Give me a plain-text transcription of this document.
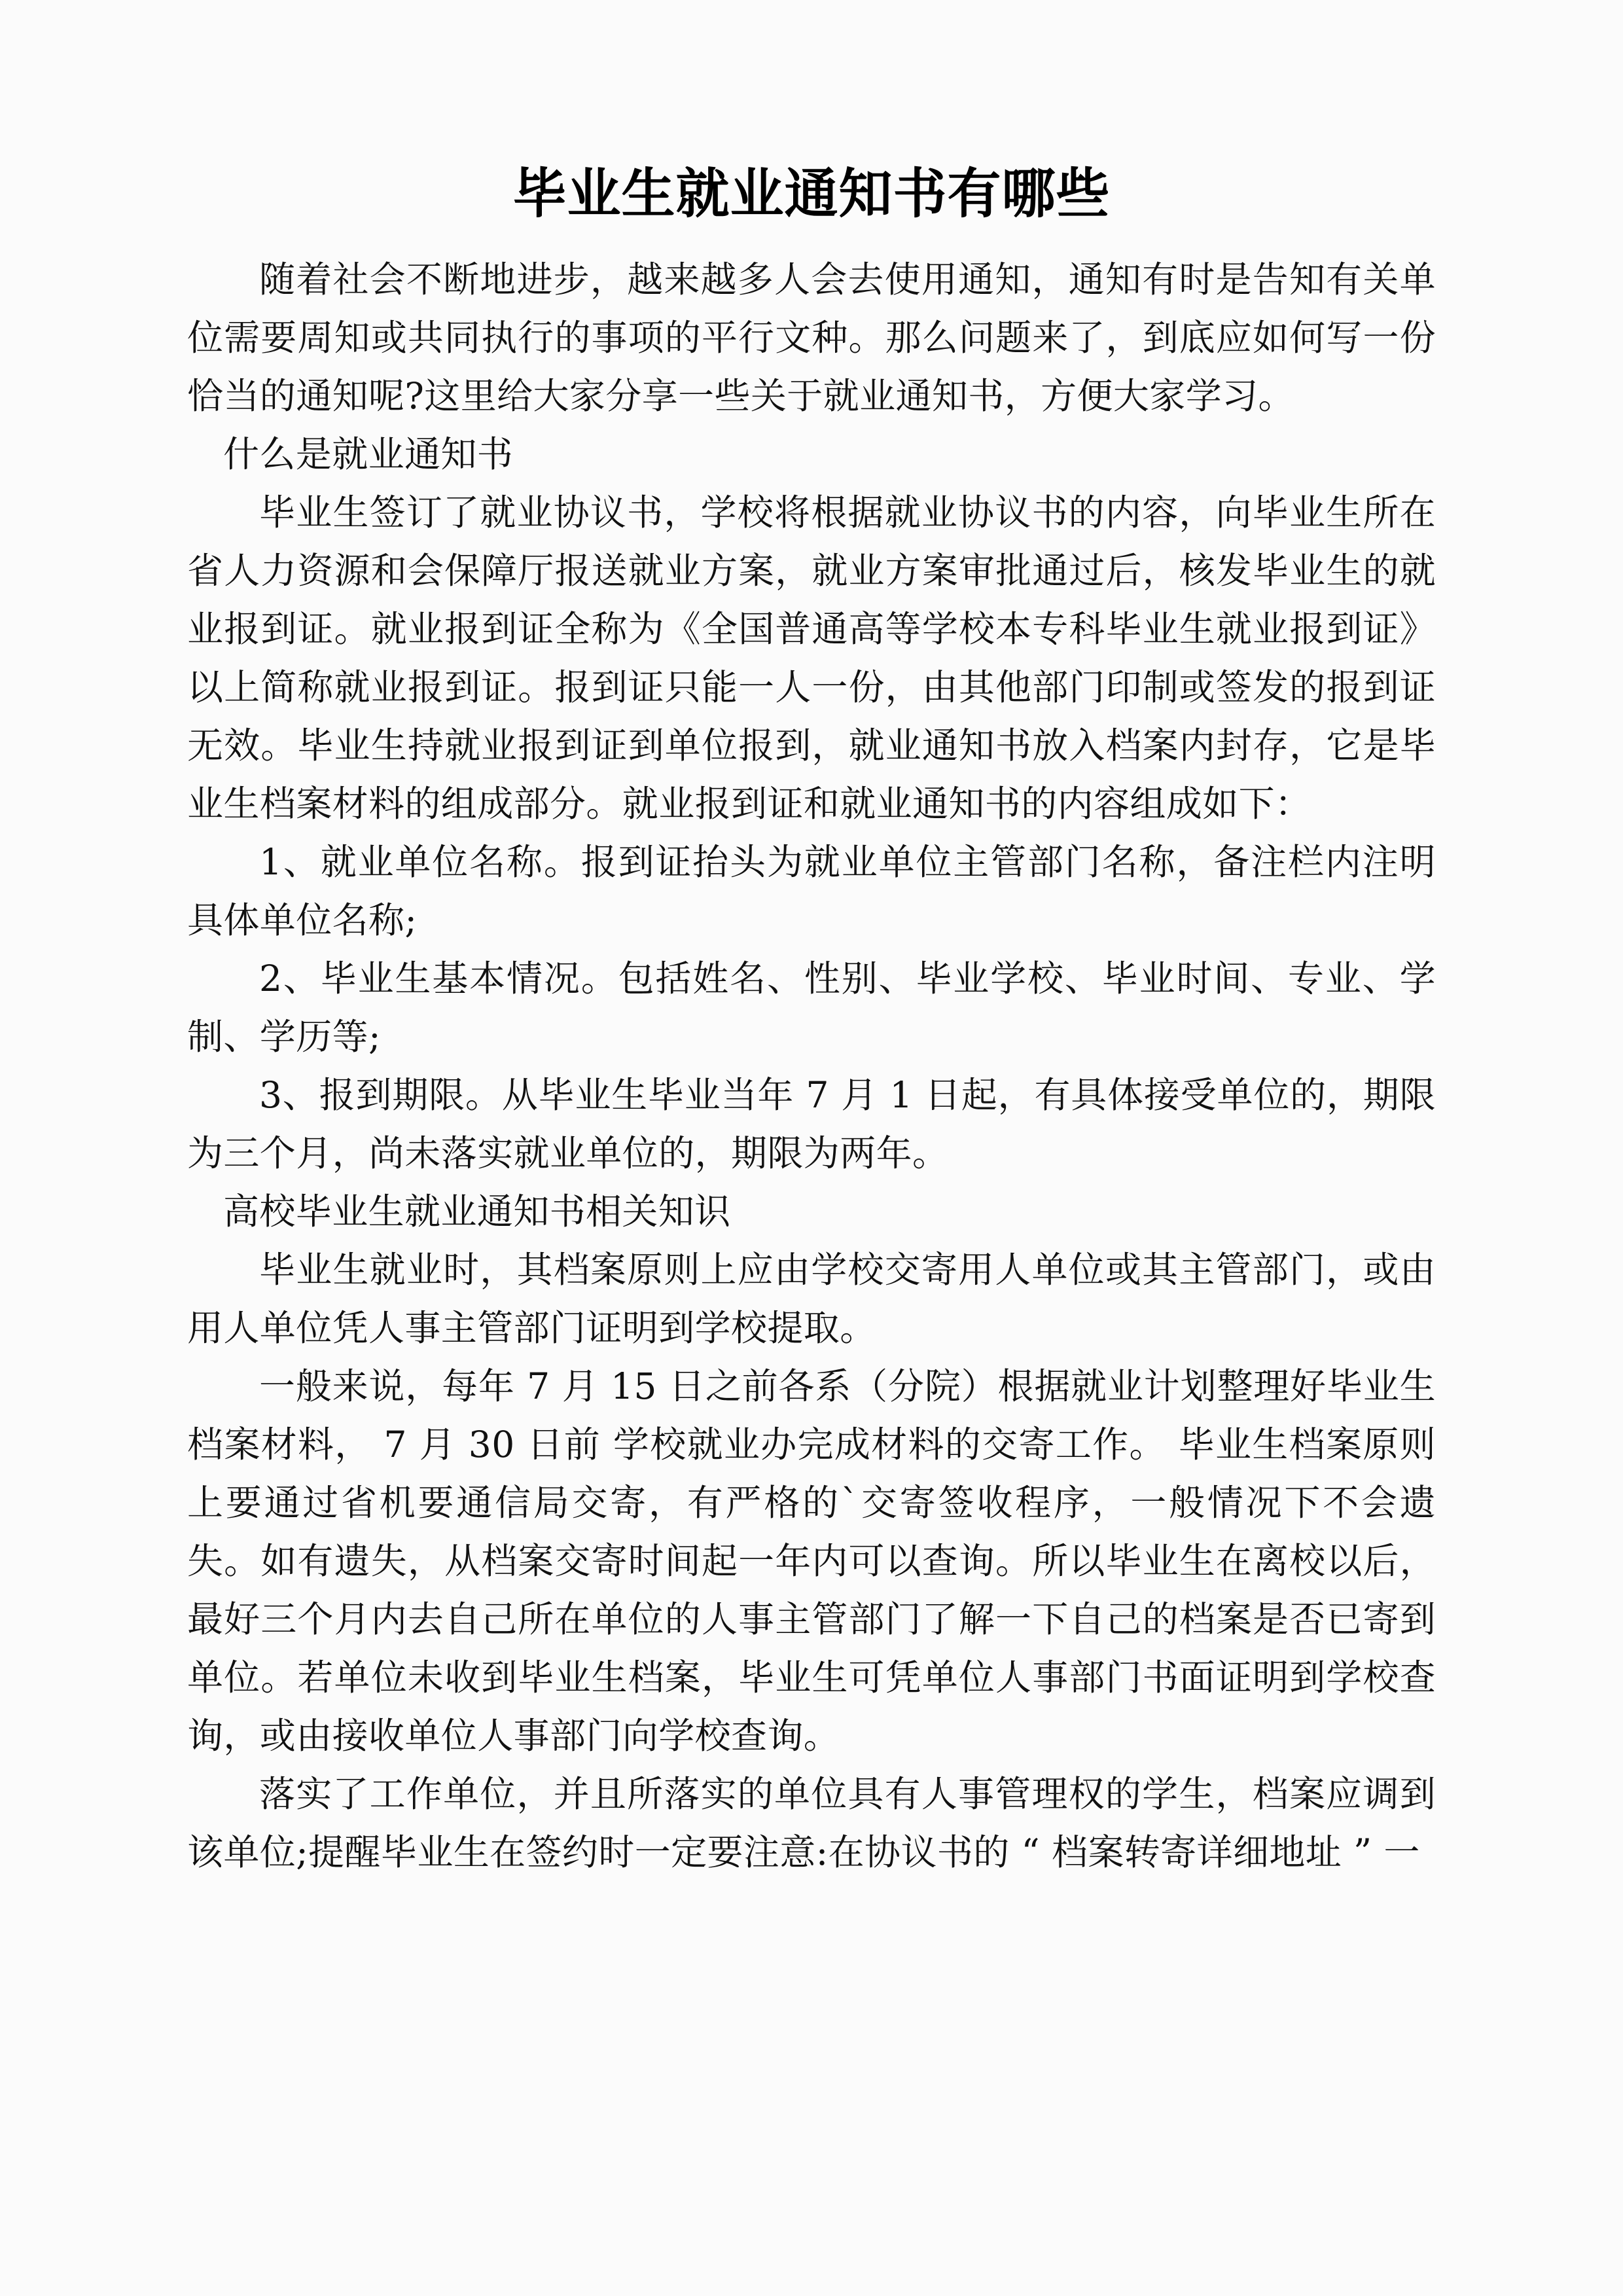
毕业生就业通知书有哪些

随着社会不断地进步，越来越多人会去使用通知，通知有时是告知有关单位需要周知或共同执行的事项的平行文种。那么问题来了，到底应如何写一份恰当的通知呢?这里给大家分享一些关于就业通知书，方便大家学习。

什么是就业通知书

毕业生签订了就业协议书，学校将根据就业协议书的内容，向毕业生所在省人力资源和会保障厅报送就业方案，就业方案审批通过后，核发毕业生的就业报到证。就业报到证全称为《全国普通高等学校本专科毕业生就业报到证》以上简称就业报到证。报到证只能一人一份，由其他部门印制或签发的报到证无效。毕业生持就业报到证到单位报到，就业通知书放入档案内封存，它是毕业生档案材料的组成部分。就业报到证和就业通知书的内容组成如下：

1、就业单位名称。报到证抬头为就业单位主管部门名称，备注栏内注明具体单位名称;

2、毕业生基本情况。包括姓名、性别、毕业学校、毕业时间、专业、学制、学历等;

3、报到期限。从毕业生毕业当年 7 月 1 日起，有具体接受单位的，期限为三个月，尚未落实就业单位的，期限为两年。

高校毕业生就业通知书相关知识

毕业生就业时，其档案原则上应由学校交寄用人单位或其主管部门，或由用人单位凭人事主管部门证明到学校提取。

一般来说，每年 7 月 15 日之前各系（分院）根据就业计划整理好毕业生档案材料， 7 月 30 日前 学校就业办完成材料的交寄工作。 毕业生档案原则上要通过省机要通信局交寄，有严格的`交寄签收程序，一般情况下不会遗失。如有遗失，从档案交寄时间起一年内可以查询。所以毕业生在离校以后，最好三个月内去自己所在单位的人事主管部门了解一下自己的档案是否已寄到单位。若单位未收到毕业生档案，毕业生可凭单位人事部门书面证明到学校查询，或由接收单位人事部门向学校查询。

落实了工作单位，并且所落实的单位具有人事管理权的学生，档案应调到该单位;提醒毕业生在签约时一定要注意:在协议书的 “ 档案转寄详细地址 ” 一
